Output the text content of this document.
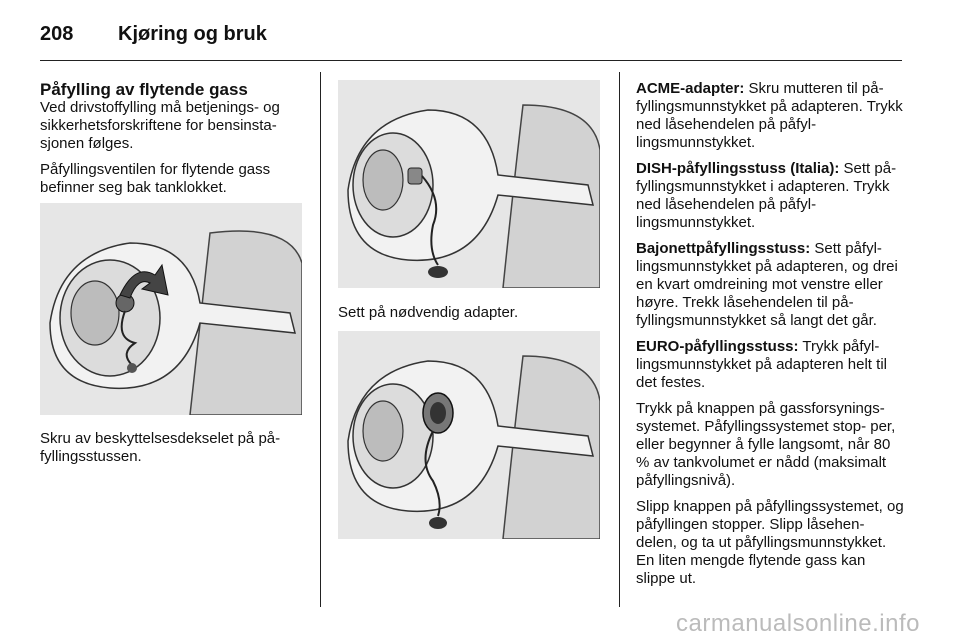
208	Kjøring og bruk
Påfylling av flytende gass

Ved drivstoffylling må betjenings- og sikkerhetsforskriftene for bensinsta- sjonen følges.

Påfyllingsventilen for flytende gass befinner seg bak tanklokket.

Skru av beskyttelsesdekselet på på- fyllingsstussen.
Sett på nødvendig adapter.

ACME-adapter: Skru mutteren til på- fyllingsmunnstykket på adapteren. Trykk ned låsehendelen på påfyl- lingsmunnstykket.

DISH-påfyllingsstuss (Italia): Sett på- fyllingsmunnstykket i adapteren. Trykk ned låsehendelen på påfyl- lingsmunnstykket.

Bajonettpåfyllingsstuss: Sett påfyl- lingsmunnstykket på adapteren, og drei en kvart omdreining mot venstre eller høyre. Trekk låsehendelen til på- fyllingsmunnstykket så langt det går.

EURO-påfyllingsstuss: Trykk påfyl- lingsmunnstykket på adapteren helt til det festes.

Trykk på knappen på gassforsynings- systemet. Påfyllingssystemet stop- per, eller begynner å fylle langsomt, når 80 % av tankvolumet er nådd (maksimalt påfyllingsnivå).

Slipp knappen på påfyllingssystemet, og påfyllingen stopper. Slipp låsehen- delen, og ta ut påfyllingsmunnstykket. En liten mengde flytende gass kan slippe ut.

carmanualsonline.info
